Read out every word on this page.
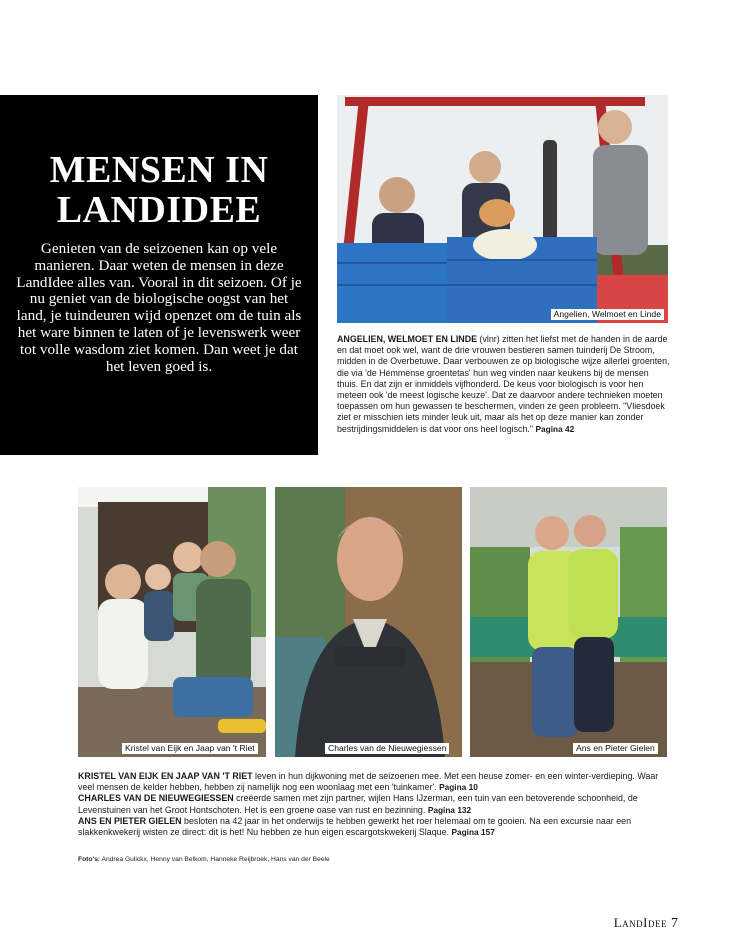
MENSEN IN
LANDIDEE

Genieten van de seizoenen kan op vele manieren. Daar weten de mensen in deze LandIdee alles van. Vooral in dit seizoen. Of je nu geniet van de biologische oogst van het land, je tuindeuren wijd openzet om de tuin als het ware binnen te laten of je levenswerk weer tot volle wasdom ziet komen. Dan weet je dat het leven goed is.

Angelien, Welmoet en Linde

ANGELIEN, WELMOET EN LINDE (vlnr) zitten het liefst met de handen in de aarde en dat moet ook wel, want de drie vrouwen bestieren samen tuinderij De Stroom, midden in de Overbetuwe. Daar verbouwen ze op biologische wijze allerlei groenten, die via 'de Hemmense groentetas' hun weg vinden naar keukens bij de mensen thuis. En dat zijn er inmiddels vijfhonderd. De keus voor biologisch is voor hen meteen ook 'de meest logische keuze'. Dat ze daarvoor andere technieken moeten toepassen om hun gewassen te beschermen, vinden ze geen probleem. "Vliesdoek ziet er misschien iets minder leuk uit, maar als het op deze manier kan zonder bestrijdingsmiddelen is dat voor ons heel logisch." Pagina 42

Kristel van Eijk en Jaap van 't Riet	Charles van de Nieuwegiessen	Ans en Pieter Gielen

KRISTEL VAN EIJK EN JAAP VAN 'T RIET leven in hun dijkwoning met de seizoenen mee. Met een heuse zomer- en een winter-verdieping. Waar veel mensen de kelder hebben, hebben zij namelijk nog een woonlaag met een 'tuinkamer'. Pagina 10

CHARLES VAN DE NIEUWEGIESSEN creëerde samen met zijn partner, wijlen Hans IJzerman, een tuin van een betoverende schoonheid, de Levenstuinen van het Groot Hontschoten. Het is een groene oase van rust en bezinning. Pagina 132

ANS EN PIETER GIELEN besloten na 42 jaar in het onderwijs te hebben gewerkt het roer helemaal om te gooien. Na een excursie naar een slakkenkwekerij wisten ze direct: dit is het! Nu hebben ze hun eigen escargotskwekerij Slaque. Pagina 157

Foto's: Andrea Gulickx, Henny van Belkom, Hanneke Reijbroek, Hans van der Beele

LandIdee 7
